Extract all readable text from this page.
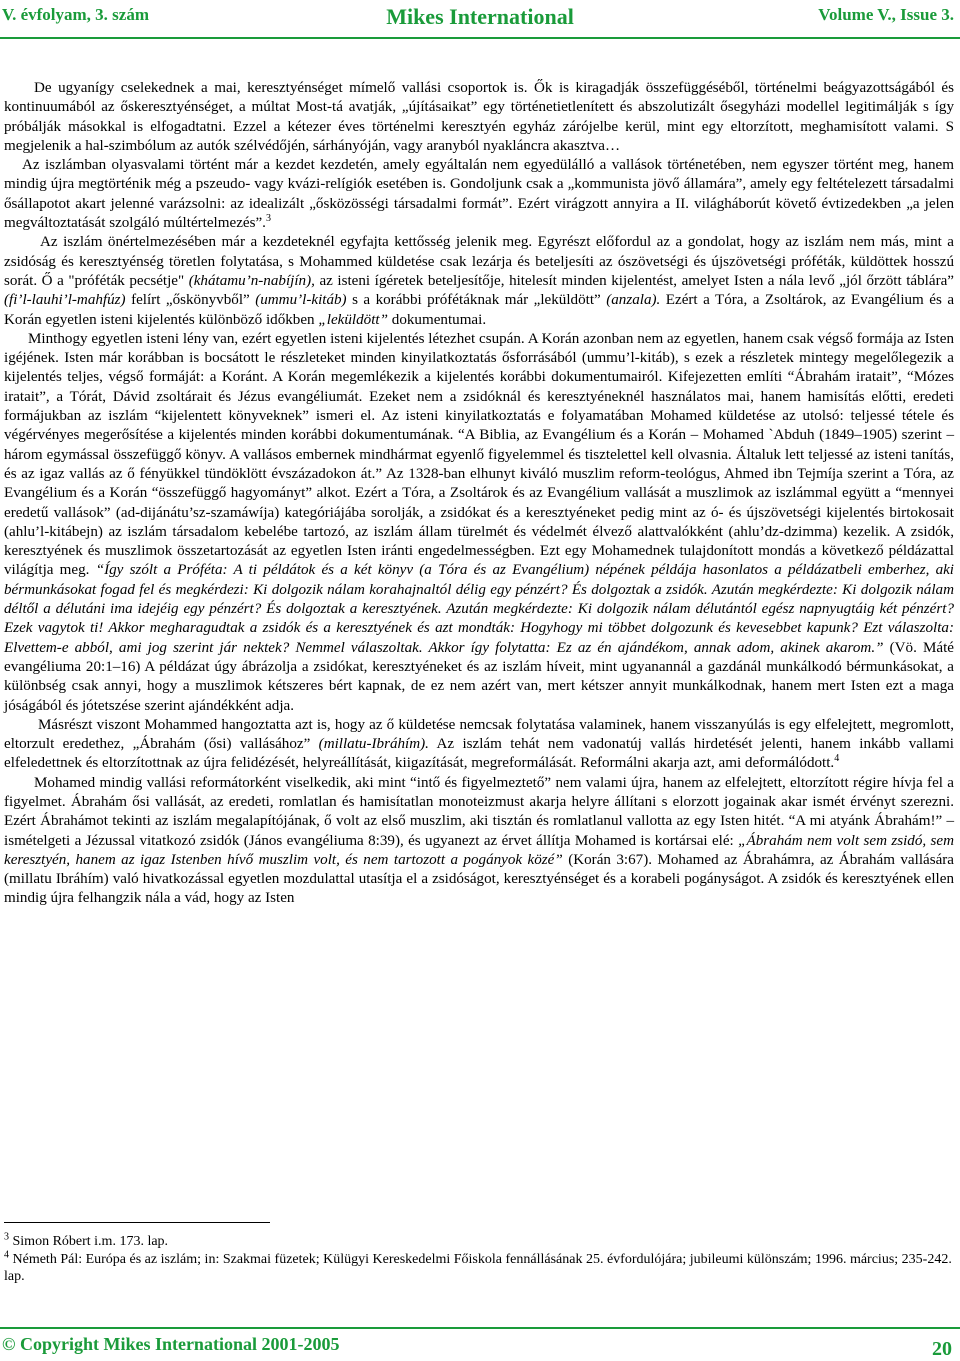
V. évfolyam, 3. szám	Mikes International	Volume V., Issue 3.

De ugyanígy cselekednek a mai, keresztyénséget mímelő vallási csoportok is. Ők is kiragadják összefüggéséből, történelmi beágyazottságából és kontinuumából az őskeresztyénséget, a múltat Most-tá avatják, „újításaikat” egy történetietlenített és abszolutizált ősegyházi modellel legitimálják s így próbálják másokkal is elfogadtatni. Ezzel a kétezer éves történelmi keresztyén egyház zárójelbe kerül, mint egy eltorzított, meghamisított valami. S megjelenik a hal-szimbólum az autók szélvédőjén, sárhányóján, vagy aranyból nyakláncra akasztva…

Az iszlámban olyasvalami történt már a kezdet kezdetén, amely egyáltalán nem egyedülálló a vallások történetében, nem egyszer történt meg, hanem mindig újra megtörténik még a pszeudo- vagy kvázi-relígiók esetében is. Gondoljunk csak a „kommunista jövő államára”, amely egy feltételezett társadalmi ősállapotot akart jelenné varázsolni: az idealizált „ősközösségi társadalmi formát”. Ezért virágzott annyira a II. világháborút követő évtizedekben „a jelen megváltoztatását szolgáló múltértelmezés”.$^3$

Az iszlám önértelmezésében már a kezdeteknél egyfajta kettősség jelenik meg. Egyrészt előfordul az a gondolat, hogy az iszlám nem más, mint a zsidóság és keresztyénség töretlen folytatása, s Mohammed küldetése csak lezárja és beteljesíti az ószövetségi és újszövetségi próféták, küldöttek hosszú sorát. Ő a "próféták pecsétje" (khátamu’n-nabíjín), az isteni ígéretek beteljesítője, hitelesít minden kijelentést, amelyet Isten a nála levő „jól őrzött táblára” (fi’l-lauhi’l-mahfúz) felírt „őskönyvből” (ummu’l-kitáb) s a korábbi prófétáknak már „leküldött” (anzala). Ezért a Tóra, a Zsoltárok, az Evangélium és a Korán egyetlen isteni kijelentés különböző időkben „leküldött” dokumentumai.

Minthogy egyetlen isteni lény van, ezért egyetlen isteni kijelentés létezhet csupán. A Korán azonban nem az egyetlen, hanem csak végső formája az Isten igéjének. Isten már korábban is bocsátott le részleteket minden kinyilatkoztatás ősforrásából (ummu’l-kitáb), s ezek a részletek mintegy megelőlegezik a kijelentés teljes, végső formáját: a Koránt. A Korán megemlékezik a kijelentés korábbi dokumentumairól. Kifejezetten említi “Ábrahám iratait”, “Mózes iratait”, a Tórát, Dávid zsoltárait és Jézus evangéliumát. Ezeket nem a zsidóknál és keresztyéneknél használatos mai, hanem hamisítás előtti, eredeti formájukban az iszlám “kijelentett könyveknek” ismeri el. Az isteni kinyilatkoztatás e folyamatában Mohamed küldetése az utolsó: teljessé tétele és végérvényes megerősítése a kijelentés minden korábbi dokumentumának. “A Biblia, az Evangélium és a Korán – Mohamed `Abduh (1849–1905) szerint – három egymással összefüggő könyv. A vallásos embernek mindhármat egyenlő figyelemmel és tisztelettel kell olvasnia. Általuk lett teljessé az isteni tanítás, és az igaz vallás az ő fényükkel tündöklött évszázadokon át.” Az 1328-ban elhunyt kiváló muszlim reform-teológus, Ahmed ibn Tejmíja szerint a Tóra, az Evangélium és a Korán “összefüggő hagyományt” alkot. Ezért a Tóra, a Zsoltárok és az Evangélium vallását a muszlimok az iszlámmal együtt a “mennyei eredetű vallások” (ad-dijánátu’sz-szamáwíja) kategóriájába sorolják, a zsidókat és a keresztyéneket pedig mint az ó- és újszövetségi kijelentés birtokosait (ahlu’l-kitábejn) az iszlám társadalom kebelébe tartozó, az iszlám állam türelmét és védelmét élvező alattvalókként (ahlu’dz-dzimma) kezelik. A zsidók, keresztyének és muszlimok összetartozását az egyetlen Isten iránti engedelmességben. Ezt egy Mohamednek tulajdonított mondás a következő példázattal világítja meg. “Így szólt a Próféta: A ti példátok és a két könyv (a Tóra és az Evangélium) népének példája hasonlatos a példázatbeli emberhez, aki bérmunkásokat fogad fel és megkérdezi: Ki dolgozik nálam korahajnaltól délig egy pénzért? És dolgoztak a zsidók. Azután megkérdezte: Ki dolgozik nálam déltől a délutáni ima idejéig egy pénzért? És dolgoztak a keresztyének. Azután megkérdezte: Ki dolgozik nálam délutántól egész napnyugtáig két pénzért? Ezek vagytok ti! Akkor megharagudtak a zsidók és a keresztyének és azt mondták: Hogyhogy mi többet dolgozunk és kevesebbet kapunk? Ezt válaszolta: Elvettem-e abból, ami jog szerint jár nektek? Nemmel válaszoltak. Akkor így folytatta: Ez az én ajándékom, annak adom, akinek akarom.” (Vö. Máté evangéliuma 20:1–16) A példázat úgy ábrázolja a zsidókat, keresztyéneket és az iszlám híveit, mint ugyanannál a gazdánál munkálkodó bérmunkásokat, a különbség csak annyi, hogy a muszlimok kétszeres bért kapnak, de ez nem azért van, mert kétszer annyit munkálkodnak, hanem mert Isten ezt a maga jóságából és jótetszése szerint ajándékként adja.

Másrészt viszont Mohammed hangoztatta azt is, hogy az ő küldetése nemcsak folytatása valaminek, hanem visszanyúlás is egy elfelejtett, megromlott, eltorzult eredethez, „Ábrahám (ősi) vallásához” (millatu-Ibráhím). Az iszlám tehát nem vadonatúj vallás hirdetését jelenti, hanem inkább vallami elfeledettnek és eltorzítottnak az újra felidézését, helyreállítását, kiigazítását, megreformálását. Reformálni akarja azt, ami deformálódott.$^4$

Mohamed mindig vallási reformátorként viselkedik, aki mint “intő és figyelmeztető” nem valami újra, hanem az elfelejtett, eltorzított régire hívja fel a figyelmet. Ábrahám ősi vallását, az eredeti, romlatlan és hamisítatlan monoteizmust akarja helyre állítani s elorzott jogainak akar ismét érvényt szerezni. Ezért Ábrahámot tekinti az iszlám megalapítójának, ő volt az első muszlim, aki tisztán és romlatlanul vallotta az egy Isten hitét. “A mi atyánk Ábrahám!” – ismételgeti a Jézussal vitatkozó zsidók (János evangéliuma 8:39), és ugyanezt az érvet állítja Mohamed is kortársai elé: „Ábrahám nem volt sem zsidó, sem keresztyén, hanem az igaz Istenben hívő muszlim volt, és nem tartozott a pogányok közé” (Korán 3:67). Mohamed az Ábrahámra, az Ábrahám vallására (millatu Ibráhím) való hivatkozással egyetlen mozdulattal utasítja el a zsidóságot, keresztyénséget és a korabeli pogányságot. A zsidók és keresztyének ellen mindig újra felhangzik nála a vád, hogy az Isten

$^3$ Simon Róbert i.m. 173. lap.

$^4$ Németh Pál: Európa és az iszlám; in: Szakmai füzetek; Külügyi Kereskedelmi Főiskola fennállásának 25. évfordulójára; jubileumi különszám; 1996. március; 235-242. lap.

© Copyright Mikes International 2001-2005	20
